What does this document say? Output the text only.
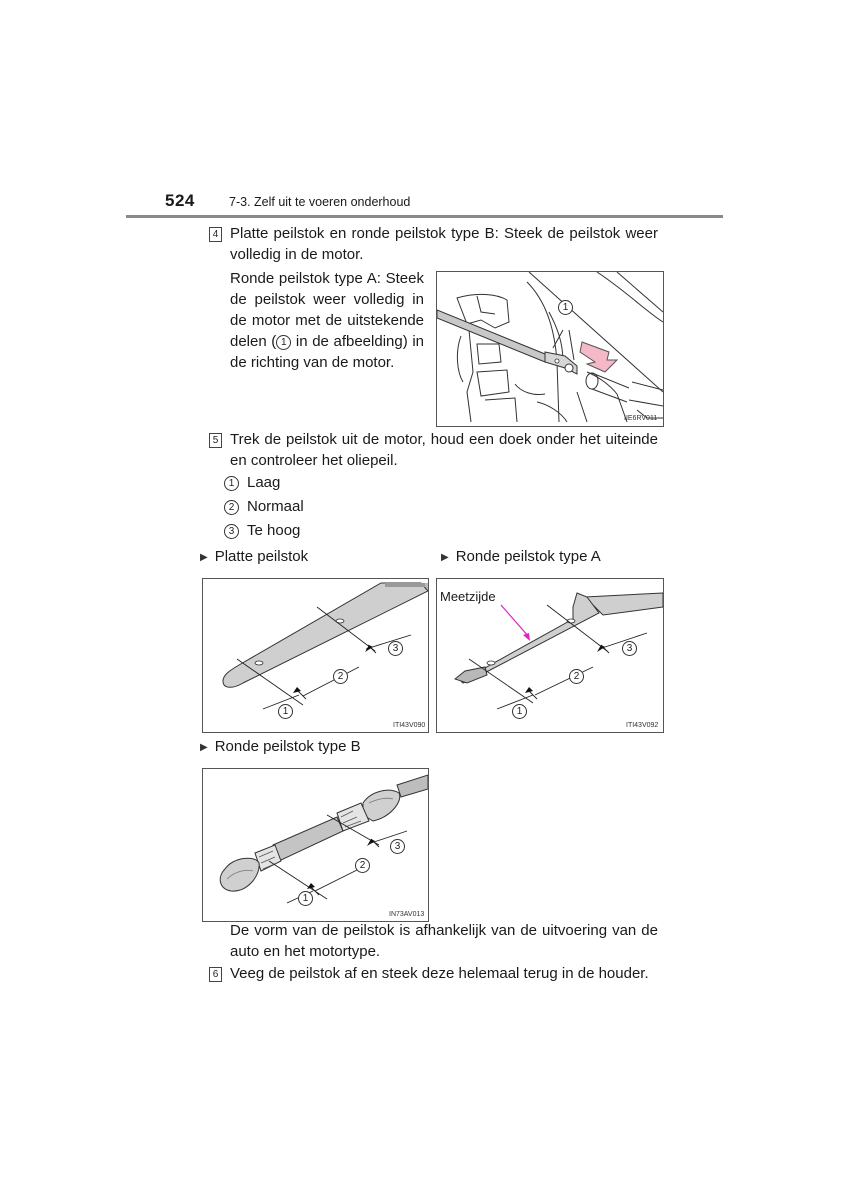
524	7-3. Zelf uit te voeren onderhoud
4 Platte peilstok en ronde peilstok type B: Steek de peilstok weer volledig in de motor.
Ronde peilstok type A: Steek de peilstok weer volledig in de motor met de uitstekende delen ( 1 in de afbeelding) in de richting van de motor.
1
IIE6RV011
5 Trek de peilstok uit de motor, houd een doek onder het uiteinde en controleer het oliepeil.
1 Laag
2 Normaal
3 Te hoog
▶ Platte peilstok
3
2
1
ITI43V090
▶ Ronde peilstok type A
Meetzijde
3
2
1
ITI43V092
▶ Ronde peilstok type B
3
2
1
IN73AV013
De vorm van de peilstok is afhankelijk van de uitvoering van de auto en het motortype.
6 Veeg de peilstok af en steek deze helemaal terug in de houder.
